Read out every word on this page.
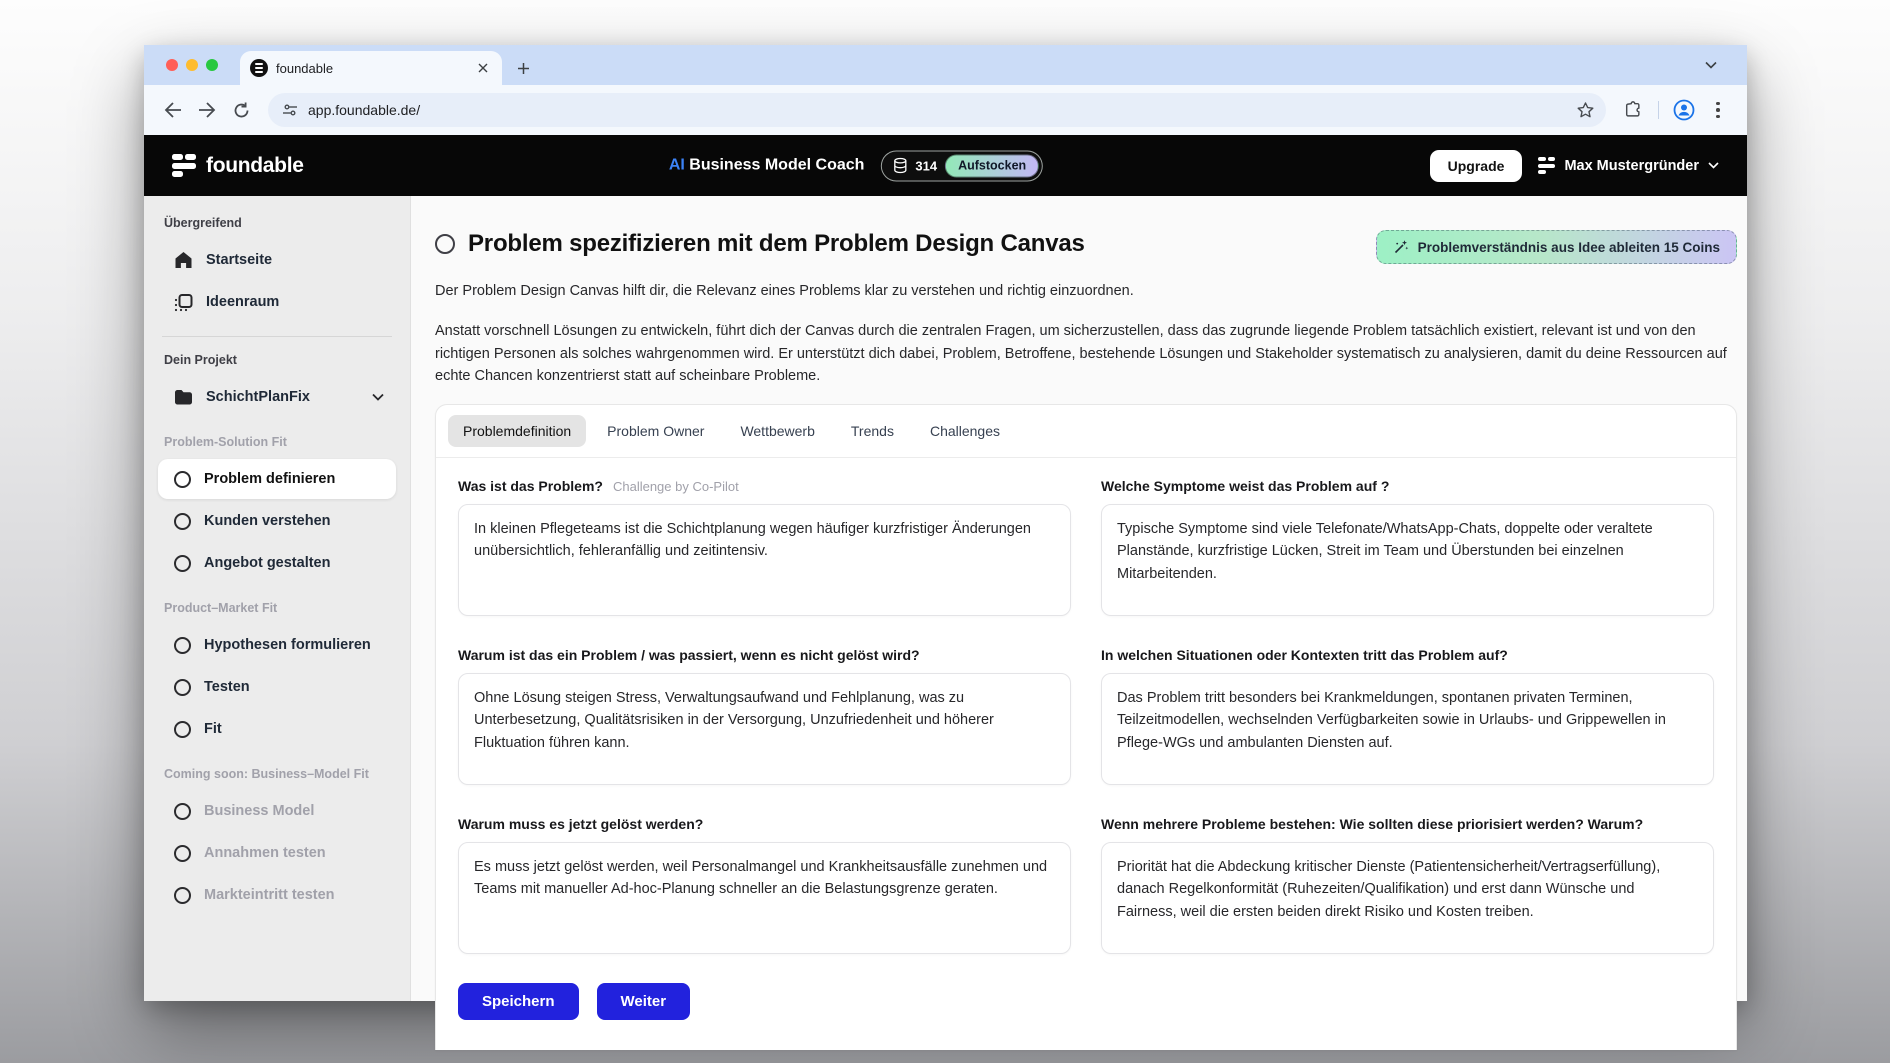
foundable
app.foundable.de/
foundable	AI Business Model Coach	314	Aufstocken	Upgrade	Max Mustergründer
Übergreifend
Startseite
Ideenraum
Dein Projekt
SchichtPlanFix
Problem-Solution Fit
Problem definieren
Kunden verstehen
Angebot gestalten
Product–Market Fit
Hypothesen formulieren
Testen
Fit
Coming soon: Business–Model Fit
Business Model
Annahmen testen
Markteintritt testen
Problem spezifizieren mit dem Problem Design Canvas	Problemverständnis aus Idee ableiten 15 Coins

Der Problem Design Canvas hilft dir, die Relevanz eines Problems klar zu verstehen und richtig einzuordnen.

Anstatt vorschnell Lösungen zu entwickeln, führt dich der Canvas durch die zentralen Fragen, um sicherzustellen, dass das zugrunde liegende Problem tatsächlich existiert, relevant ist und von den richtigen Personen als solches wahrgenommen wird. Er unterstützt dich dabei, Problem, Betroffene, bestehende Lösungen und Stakeholder systematisch zu analysieren, damit du deine Ressourcen auf echte Chancen konzentrierst statt auf scheinbare Probleme.

Problemdefinition	Problem Owner	Wettbewerb	Trends	Challenges
Was ist das Problem? Challenge by Co-Pilot
In kleinen Pflegeteams ist die Schichtplanung wegen häufiger kurzfristiger Änderungen unübersichtlich, fehleranfällig und zeitintensiv.	Welche Symptome weist das Problem auf ?
Typische Symptome sind viele Telefonate/WhatsApp-Chats, doppelte oder veraltete Planstände, kurzfristige Lücken, Streit im Team und Überstunden bei einzelnen Mitarbeitenden.
Warum ist das ein Problem / was passiert, wenn es nicht gelöst wird?
Ohne Lösung steigen Stress, Verwaltungsaufwand und Fehlplanung, was zu Unterbesetzung, Qualitätsrisiken in der Versorgung, Unzufriedenheit und höherer Fluktuation führen kann.	In welchen Situationen oder Kontexten tritt das Problem auf?
Das Problem tritt besonders bei Krankmeldungen, spontanen privaten Terminen, Teilzeitmodellen, wechselnden Verfügbarkeiten sowie in Urlaubs- und Grippewellen in Pflege-WGs und ambulanten Diensten auf.
Warum muss es jetzt gelöst werden?
Es muss jetzt gelöst werden, weil Personalmangel und Krankheitsausfälle zunehmen und Teams mit manueller Ad-hoc-Planung schneller an die Belastungsgrenze geraten.	Wenn mehrere Probleme bestehen: Wie sollten diese priorisiert werden? Warum?
Priorität hat die Abdeckung kritischer Dienste (Patientensicherheit/Vertragserfüllung), danach Regelkonformität (Ruhezeiten/Qualifikation) und erst dann Wünsche und Fairness, weil die ersten beiden direkt Risiko und Kosten treiben.
Speichern	Weiter
